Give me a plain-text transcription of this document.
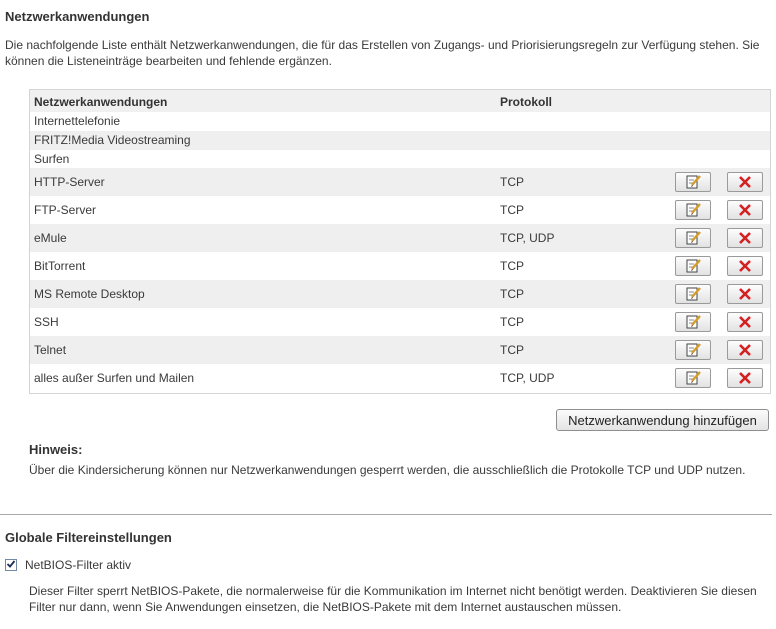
Netzwerkanwendungen
Die nachfolgende Liste enthält Netzwerkanwendungen, die für das Erstellen von Zugangs- und Priorisierungsregeln zur Verfügung stehen. Sie können die Listeneinträge bearbeiten und fehlende ergänzen.
Netzwerkanwendungen	Protokoll
Internettelefonie
FRITZ!Media Videostreaming
Surfen
HTTP-Server	TCP
FTP-Server	TCP
eMule	TCP, UDP
BitTorrent	TCP
MS Remote Desktop	TCP
SSH	TCP
Telnet	TCP
alles außer Surfen und Mailen	TCP, UDP
Netzwerkanwendung hinzufügen
Hinweis:
Über die Kindersicherung können nur Netzwerkanwendungen gesperrt werden, die ausschließlich die Protokolle TCP und UDP nutzen.
Globale Filtereinstellungen
NetBIOS-Filter aktiv
Dieser Filter sperrt NetBIOS-Pakete, die normalerweise für die Kommunikation im Internet nicht benötigt werden. Deaktivieren Sie diesen Filter nur dann, wenn Sie Anwendungen einsetzen, die NetBIOS-Pakete mit dem Internet austauschen müssen.
